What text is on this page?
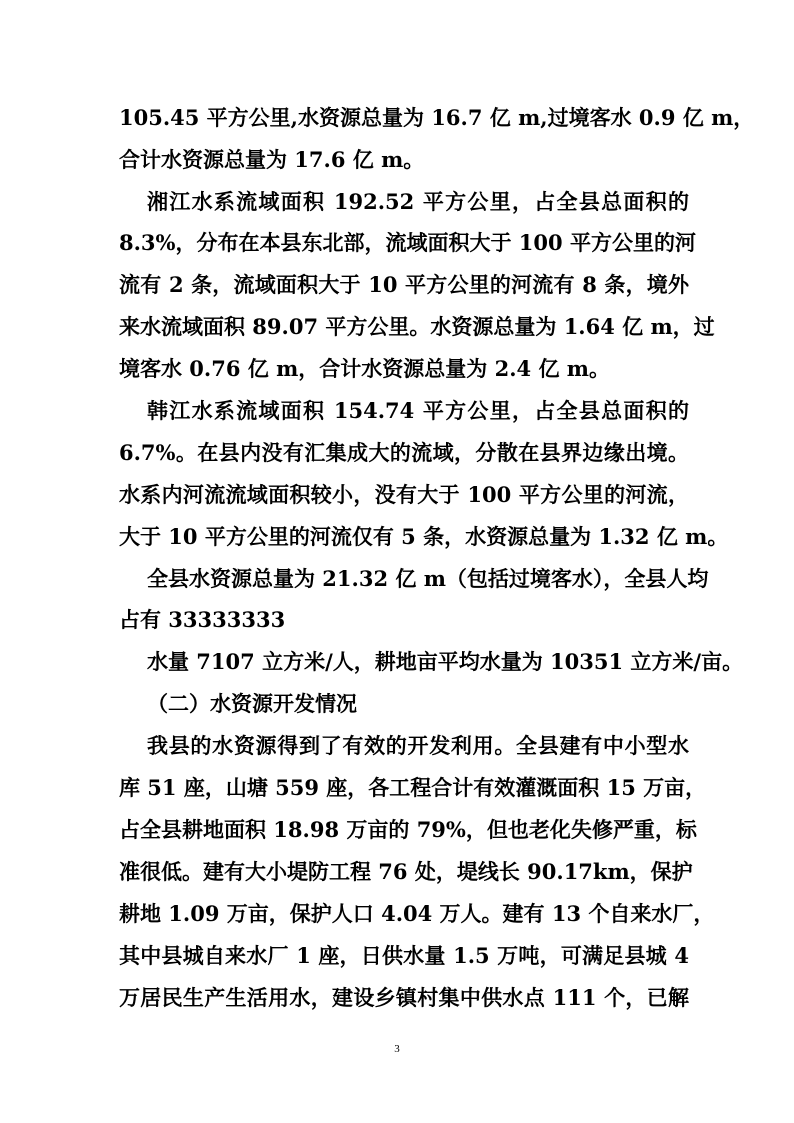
105.45 平方公里,水资源总量为 16.7 亿 m,过境客水 0.9 亿 m，
合计水资源总量为 17.6 亿 m。
湘江水系流域面积 192.52 平方公里，占全县总面积的
8.3%，分布在本县东北部，流域面积大于 100 平方公里的河
流有 2 条，流域面积大于 10 平方公里的河流有 8 条，境外
来水流域面积 89.07 平方公里。水资源总量为 1.64 亿 m，过
境客水 0.76 亿 m，合计水资源总量为 2.4 亿 m。
韩江水系流域面积 154.74 平方公里，占全县总面积的
6.7%。在县内没有汇集成大的流域，分散在县界边缘出境。
水系内河流流域面积较小，没有大于 100 平方公里的河流，
大于 10 平方公里的河流仅有 5 条，水资源总量为 1.32 亿 m。
全县水资源总量为 21.32 亿 m（包括过境客水），全县人均
占有 33333333
水量 7107 立方米/人，耕地亩平均水量为 10351 立方米/亩。
（二）水资源开发情况
我县的水资源得到了有效的开发利用。全县建有中小型水
库 51 座，山塘 559 座，各工程合计有效灌溉面积 15 万亩，
占全县耕地面积 18.98 万亩的 79%，但也老化失修严重，标
准很低。建有大小堤防工程 76 处，堤线长 90.17km，保护
耕地 1.09 万亩，保护人口 4.04 万人。建有 13 个自来水厂，
其中县城自来水厂 1 座，日供水量 1.5 万吨，可满足县城 4
万居民生产生活用水，建设乡镇村集中供水点 111 个，已解
3
